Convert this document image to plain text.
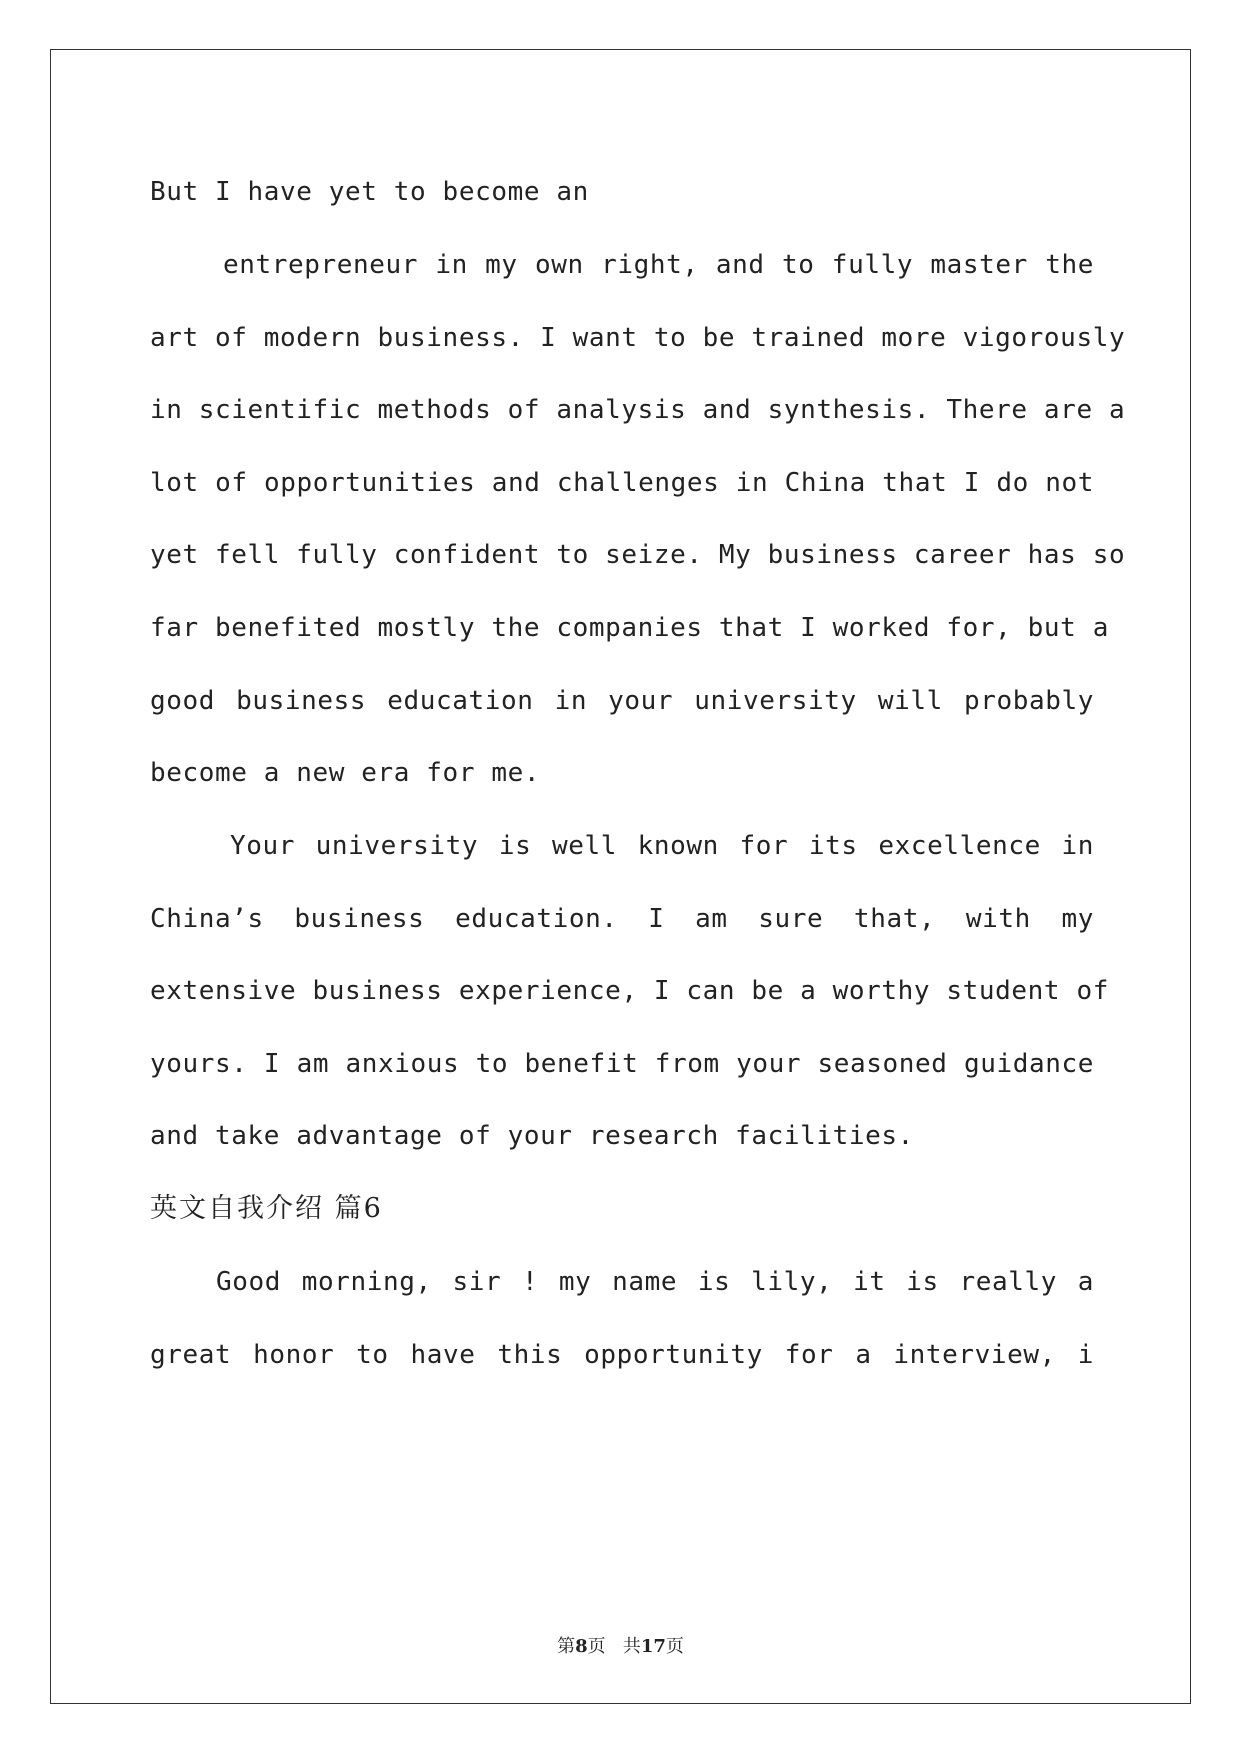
But I have yet to become an
entrepreneur in my own right, and to fully master the
art of modern business. I want to be trained more vigorously
in scientific methods of analysis and synthesis. There are a
lot of opportunities and challenges in China that I do not
yet fell fully confident to seize. My business career has so
far benefited mostly the companies that I worked for, but a
good business education in your university will probably
become a new era for me.
Your university is well known for its excellence in
China’s business education. I am sure that, with my
extensive business experience, I can be a worthy student of
yours. I am anxious to benefit from your seasoned guidance
and take advantage of your research facilities.
英文自我介绍 篇6
Good morning, sir ! my name is lily, it is really a
great honor to have this opportunity for a interview, i
第8页 共17页
